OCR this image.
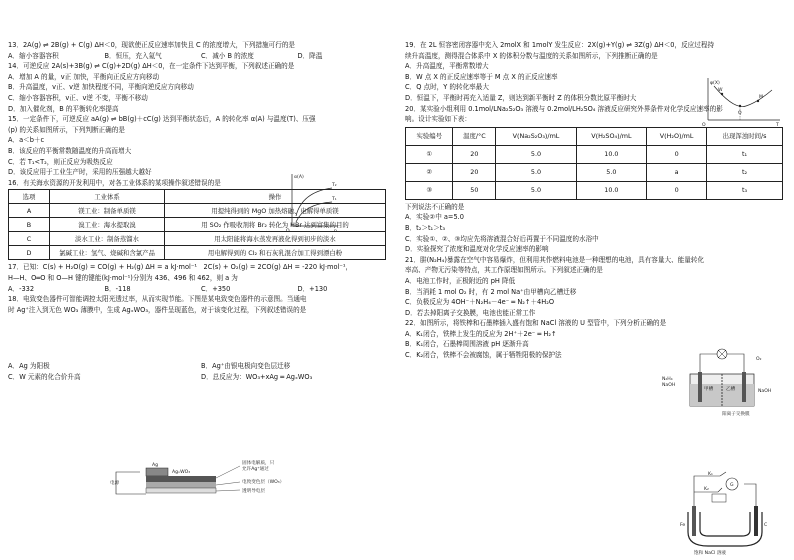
13．2A(g) ⇌ 2B(g) + C(g) ΔH＜0，现欲使正反应速率加快且 C 的浓度增大，下列措施可行的是

A．缩小容器容积	B．恒压，充入氦气	C．减小 B 的浓度	D．降温

14．可逆反应 2A(s)+3B(g) ⇌ C(g)+2D(g) ΔH＜0，在一定条件下达到平衡，下列叙述正确的是

A．增加 A 的量，v正 加快，平衡向正反应方向移动

B．升高温度，v正、v逆 加快程度不同，平衡向逆反应方向移动

C．缩小容器容积，v正、v逆 不变，平衡不移动

D．加入催化剂，B 的平衡转化率提高

15．一定条件下，可逆反应 aA(g) ⇌ bB(g)＋cC(g) 达到平衡状态后，A 的转化率 α(A) 与温度(T)、压强

(p) 的关系如图所示，下列判断正确的是

A．a＜b＋c

B．该反应的平衡常数随温度的升高而增大

C．若 T₁<T₂，则正反应为吸热反应

D．该反应用于工业生产时，采用的压强越大越好

16．有关海水资源的开发利用中，对各工业体系的某项操作叙述错误的是

选项	工业体系	操作
A	镁工业：制备单质镁	用提纯得到的 MgO 加热熔融、电解得单质镁
B	溴工业：海水提取溴	用 SO₂ 作吸收剂将 Br₂ 转化为 HBr 达到富集的目的
C	淡水工业：制备蒸馏水	用太阳能将海水蒸发再液化得到初步的淡水
D	氯碱工业：氢气、烧碱和含氯产品	用电解得到的 Cl₂ 和石灰乳混合加工得到漂白粉

17．已知：C(s) + H₂O(g) = CO(g) + H₂(g) ΔH = a kJ·mol⁻¹　2C(s) + O₂(g) = 2CO(g) ΔH = -220 kJ·mol⁻¹，

H—H、O═O 和 O—H 键的键能(kJ·mol⁻¹)分别为 436、496 和 462，则 a 为

A．-332	B．-118	C．+350	D．+130

18．电致变色器件可智能调控太阳光透过率，从而实现节能。下图是某电致变色器件的示意图。当通电

时 Ag⁺注入到无色 WO₃ 薄膜中，生成 AgₓWO₃，器件呈现蓝色，对于该变化过程，下列叙述错误的是

A．Ag 为阳极	B．Ag⁺由银电极向变色层迁移
C．W 元素的化合价升高	D．总反应为：WO₃+xAg ═ AgₓWO₃
α(A)
p
O
T₂
T₁
固体电解质，只
允许Ag⁺通过
电致变色层（WO₃）
透明导电层
电源
Ag
AgₓWO₃

19．在 2L 恒容密闭容器中充入 2molX 和 1molY 发生反应：2X(g)+Y(g) ⇌ 3Z(g) ΔH＜0，反应过程持

续升高温度，测得混合体系中 X 的体积分数与温度的关系如图所示，下列推断正确的是

A．升高温度，平衡常数增大

B．W 点 X 的正反应速率等于 M 点 X 的正反应速率

C．Q 点时，Y 的转化率最大

D．恒温下，平衡时再充入适量 Z，则达到新平衡时 Z 的体积分数比原平衡时大

20．某实验小组利用 0.1mol/LNa₂S₂O₃ 溶液与 0.2mol/LH₂SO₄ 溶液反应研究外界条件对化学反应速率的影

响。设计实验如下表：

实验编号	温度/°C	V(Na₂S₂O₃)/mL	V(H₂SO₄)/mL	V(H₂O)/mL	出现浑浊时间/s
①	20	5.0	10.0	0	t₁
②	20	5.0	5.0	a	t₂
③	50	5.0	10.0	0	t₃

下列说法不正确的是

A．实验②中 a=5.0

B．t₂＞t₁＞t₃

C．实验①、②、③均应先将溶液混合好后再置于不同温度的水浴中

D．实验探究了浓度和温度对化学反应速率的影响

21．肼(N₂H₄)暴露在空气中容易爆炸，但利用其作燃料电池是一种理想的电池，具有容量大、能量转化

率高、产物无污染等特点，其工作原理如图所示。下列叙述正确的是

A．电池工作时，正极附近的 pH 降低

B．当消耗 1 mol O₂ 时，有 2 mol Na⁺由甲槽向乙槽迁移

C．负极反应为 4OH⁻＋N₂H₄－4e⁻ ═ N₂↑＋4H₂O

D．若去掉阳离子交换膜，电池也能正常工作

22．如图所示，将铁棒和石墨棒插入盛有饱和 NaCl 溶液的 U 型管中，下列分析正确的是

A．K₁闭合，铁棒上发生的反应为 2H⁺＋2e⁻ ═ H₂↑

B．K₁闭合，石墨棒周围溶液 pH 逐渐升高

C．K₂闭合，铁棒不会被腐蚀，属于牺牲阳极的保护法

φ(X)
T
O
W
Q
M
N₂H₄
NaOH
甲槽	乙槽
O₂
NaOH
阳离子交换膜
K₁
K₂
G
Fe	C
饱和 NaCl 溶液
